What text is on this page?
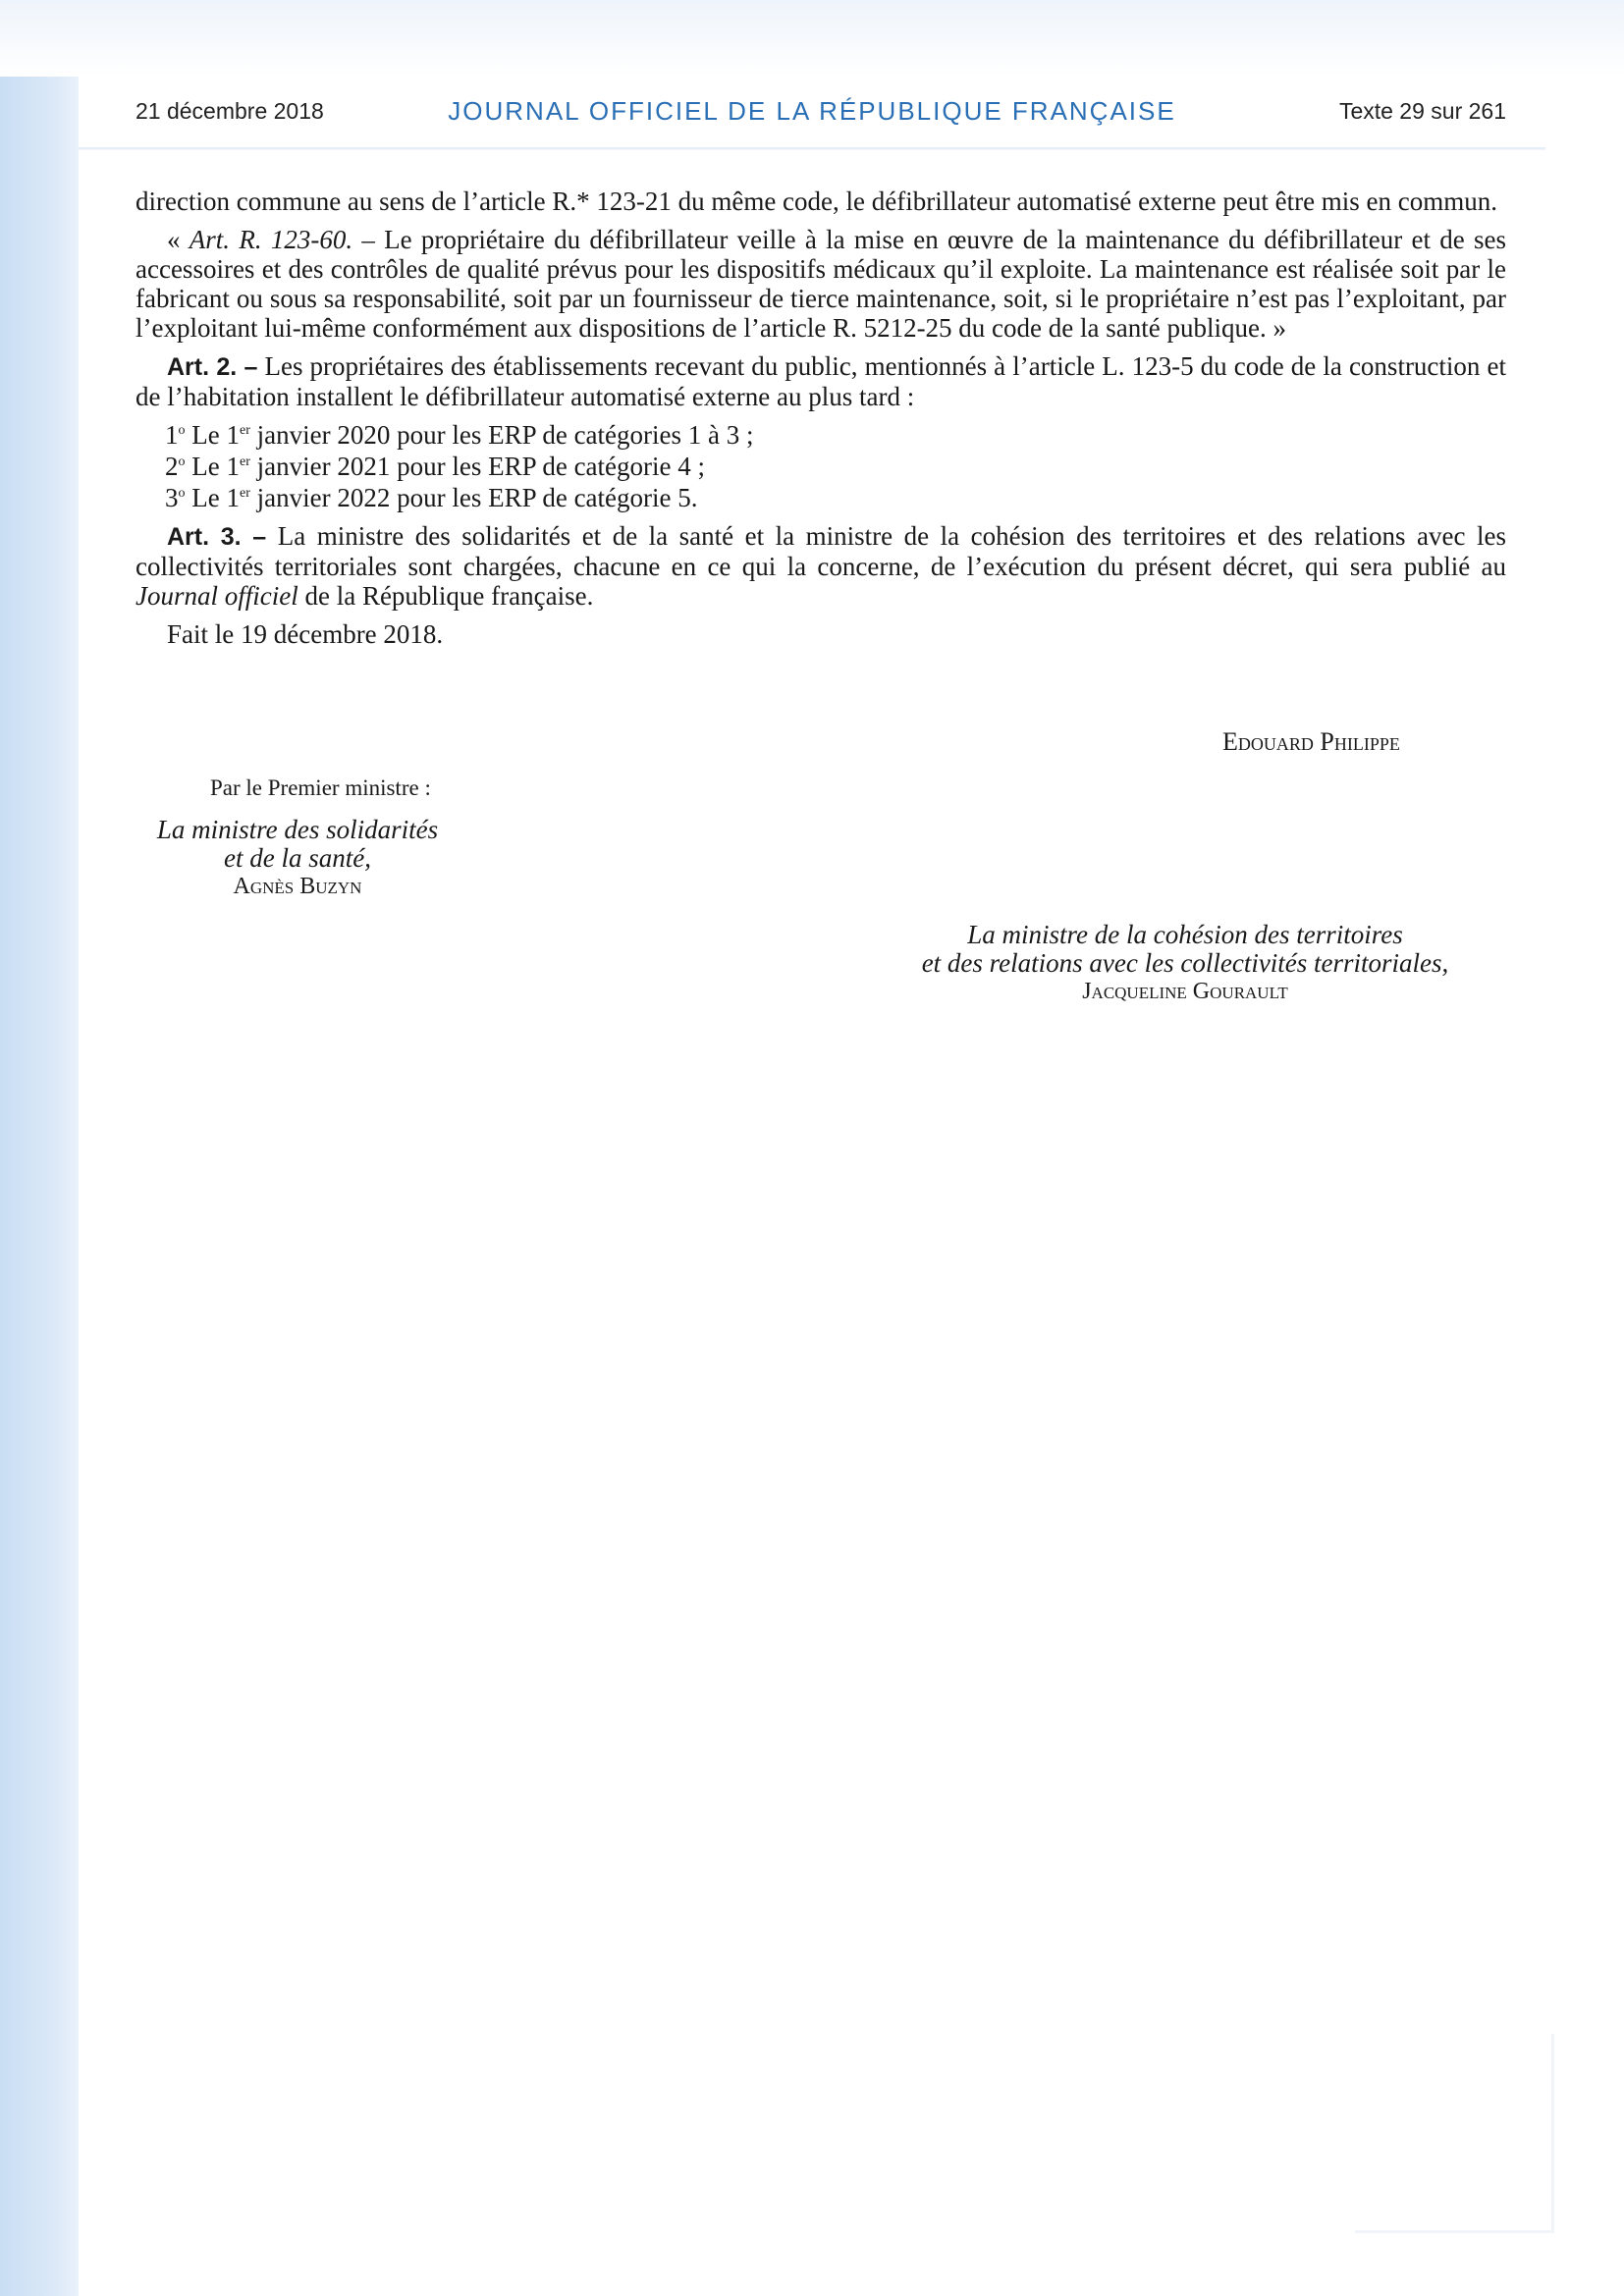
21 décembre 2018	JOURNAL OFFICIEL DE LA RÉPUBLIQUE FRANÇAISE	Texte 29 sur 261

direction commune au sens de l’article R.* 123-21 du même code, le défibrillateur automatisé externe peut être mis en commun.

« Art. R. 123-60. – Le propriétaire du défibrillateur veille à la mise en œuvre de la maintenance du défibrillateur et de ses accessoires et des contrôles de qualité prévus pour les dispositifs médicaux qu’il exploite. La maintenance est réalisée soit par le fabricant ou sous sa responsabilité, soit par un fournisseur de tierce maintenance, soit, si le propriétaire n’est pas l’exploitant, par l’exploitant lui-même conformément aux dispositions de l’article R. 5212-25 du code de la santé publique. »

Art. 2. – Les propriétaires des établissements recevant du public, mentionnés à l’article L. 123-5 du code de la construction et de l’habitation installent le défibrillateur automatisé externe au plus tard :

1$^o$ Le 1er janvier 2020 pour les ERP de catégories 1 à 3 ;
2$^o$ Le 1er janvier 2021 pour les ERP de catégorie 4 ;
3$^o$ Le 1er janvier 2022 pour les ERP de catégorie 5.

Art. 3. – La ministre des solidarités et de la santé et la ministre de la cohésion des territoires et des relations avec les collectivités territoriales sont chargées, chacune en ce qui la concerne, de l’exécution du présent décret, qui sera publié au Journal officiel de la République française.

Fait le 19 décembre 2018.

Edouard Philippe
Par le Premier ministre :
La ministre des solidarités
et de la santé,
Agnès Buzyn
La ministre de la cohésion des territoires
et des relations avec les collectivités territoriales,
Jacqueline Gourault
